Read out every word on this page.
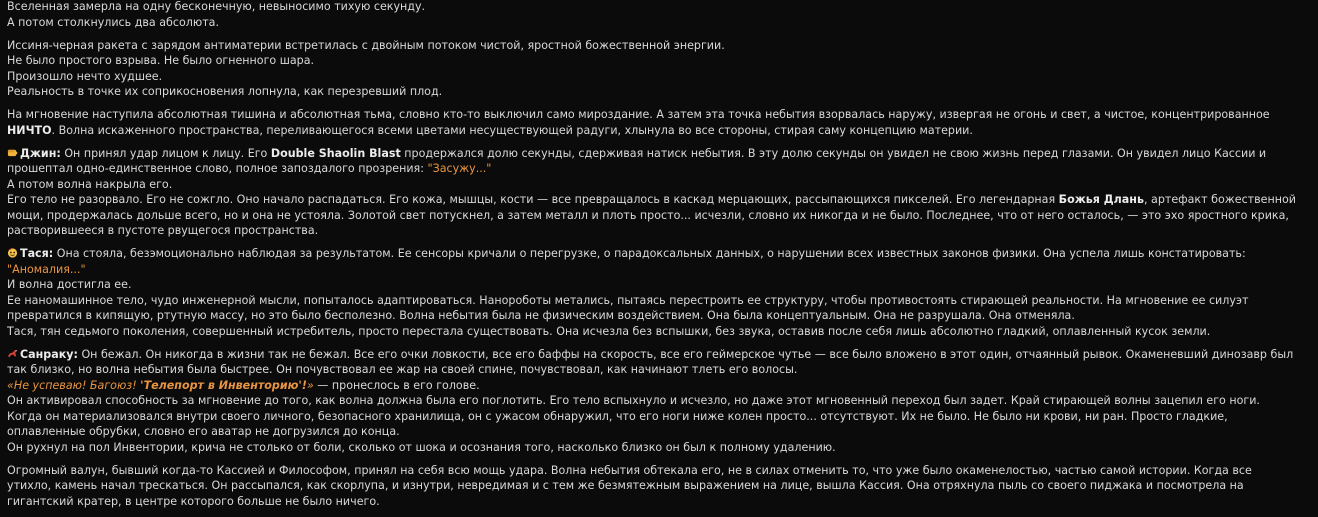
Вселенная замерла на одну бесконечную, невыносимо тихую секунду.
А потом столкнулись два абсолюта.
Иссиня-черная ракета с зарядом антиматерии встретилась с двойным потоком чистой, яростной божественной энергии.
Не было простого взрыва. Не было огненного шара.
Произошло нечто худшее.
Реальность в точке их соприкосновения лопнула, как перезревший плод.
На мгновение наступила абсолютная тишина и абсолютная тьма, словно кто-то выключил само мироздание. А затем эта точка небытия взорвалась наружу, извергая не огонь и свет, а чистое, концентрированное НИЧТО. Волна искаженного пространства, переливающегося всеми цветами несуществующей радуги, хлынула во все стороны, стирая саму концепцию материи.
Джин: Он принял удар лицом к лицу. Его Double Shaolin Blast продержался долю секунды, сдерживая натиск небытия. В эту долю секунды он увидел не свою жизнь перед глазами. Он увидел лицо Кассии и прошептал одно-единственное слово, полное запоздалого прозрения: "Засужу..."
А потом волна накрыла его.
Его тело не разорвало. Его не сожгло. Оно начало распадаться. Его кожа, мышцы, кости — все превращалось в каскад мерцающих, рассыпающихся пикселей. Его легендарная Божья Длань, артефакт божественной мощи, продержалась дольше всего, но и она не устояла. Золотой свет потускнел, а затем металл и плоть просто... исчезли, словно их никогда и не было. Последнее, что от него осталось, — это эхо яростного крика, растворившееся в пустоте рвущегося пространства.
Тася: Она стояла, безэмоционально наблюдая за результатом. Ее сенсоры кричали о перегрузке, о парадоксальных данных, о нарушении всех известных законов физики. Она успела лишь констатировать: "Аномалия..."
И волна достигла ее.
Ее наномашинное тело, чудо инженерной мысли, попыталось адаптироваться. Нанороботы метались, пытаясь перестроить ее структуру, чтобы противостоять стирающей реальности. На мгновение ее силуэт превратился в кипящую, ртутную массу, но это было бесполезно. Волна небытия была не физическим воздействием. Она была концептуальным. Она не разрушала. Она отменяла.
Тася, тян седьмого поколения, совершенный истребитель, просто перестала существовать. Она исчезла без вспышки, без звука, оставив после себя лишь абсолютно гладкий, оплавленный кусок земли.
Санраку: Он бежал. Он никогда в жизни так не бежал. Все его очки ловкости, все его баффы на скорость, все его геймерское чутье — все было вложено в этот один, отчаянный рывок. Окаменевший динозавр был так близко, но волна небытия была быстрее. Он почувствовал ее жар на своей спине, почувствовал, как начинают тлеть его волосы.
«Не успеваю! Багоюз! 'Телепорт в Инвенторию'!» — пронеслось в его голове.
Он активировал способность за мгновение до того, как волна должна была его поглотить. Его тело вспыхнуло и исчезло, но даже этот мгновенный переход был задет. Край стирающей волны зацепил его ноги.
Когда он материализовался внутри своего личного, безопасного хранилища, он с ужасом обнаружил, что его ноги ниже колен просто... отсутствуют. Их не было. Не было ни крови, ни ран. Просто гладкие, оплавленные обрубки, словно его аватар не догрузился до конца.
Он рухнул на пол Инвентории, крича не столько от боли, сколько от шока и осознания того, насколько близко он был к полному удалению.
Огромный валун, бывший когда-то Кассией и Философом, принял на себя всю мощь удара. Волна небытия обтекала его, не в силах отменить то, что уже было окаменелостью, частью самой истории. Когда все утихло, камень начал трескаться. Он рассыпался, как скорлупа, и изнутри, невредимая и с тем же безмятежным выражением на лице, вышла Кассия. Она отряхнула пыль со своего пиджака и посмотрела на гигантский кратер, в центре которого больше не было ничего.
